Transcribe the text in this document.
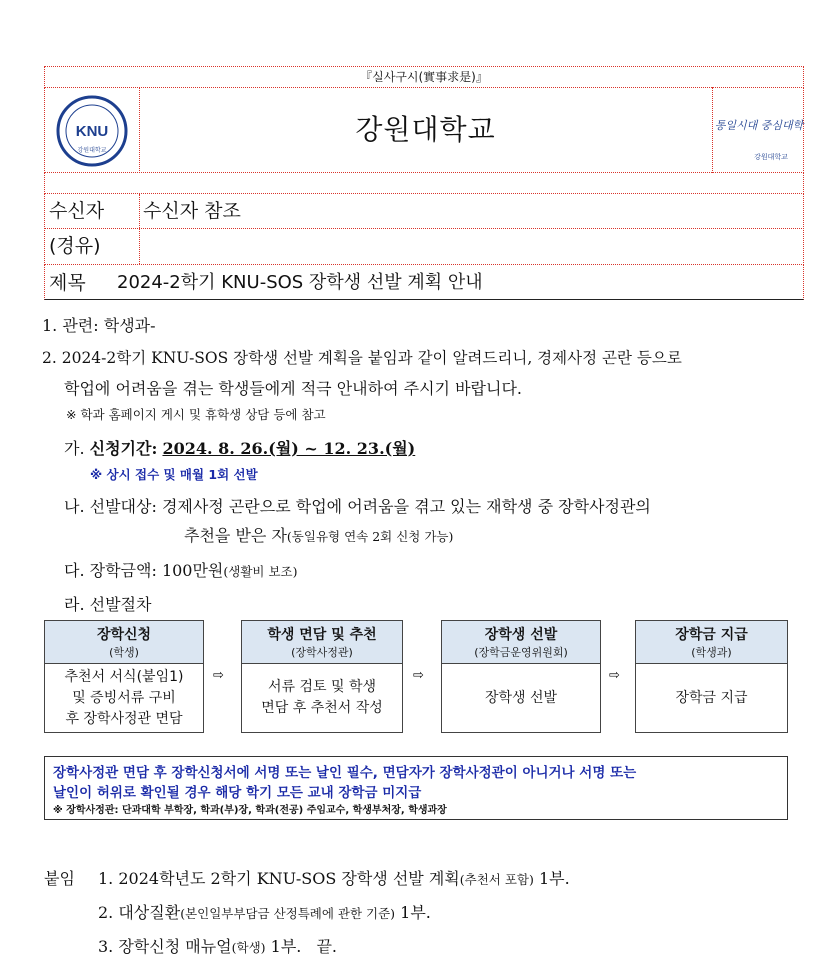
『실사구시(實事求是)』
KNU
강원대학교
강원대학교	통일시대 중심대학
강원대학교
수신자 수신자 참조
(경유)
제목 2024-2학기 KNU-SOS 장학생 선발 계획 안내
1. 관련: 학생과-
2. 2024-2학기 KNU-SOS 장학생 선발 계획을 붙임과 같이 알려드리니, 경제사정 곤란 등으로
학업에 어려움을 겪는 학생들에게 적극 안내하여 주시기 바랍니다.
※ 학과 홈페이지 게시 및 휴학생 상담 등에 참고
가. 신청기간: 2024. 8. 26.(월) ~ 12. 23.(월)
※ 상시 접수 및 매월 1회 선발
나. 선발대상: 경제사정 곤란으로 학업에 어려움을 겪고 있는 재학생 중 장학사정관의
추천을 받은 자(동일유형 연속 2회 신청 가능)
다. 장학금액: 100만원(생활비 보조)
라. 선발절차
장학신청
(학생)
추천서 서식(붙임1)
및 증빙서류 구비
후 장학사정관 면담
⇨
학생 면담 및 추천
(장학사정관)
서류 검토 및 학생
면담 후 추천서 작성
⇨
장학생 선발
(장학금운영위원회)
장학생 선발
⇨
장학금 지급
(학생과)
장학금 지급
장학사정관 면담 후 장학신청서에 서명 또는 날인 필수, 면담자가 장학사정관이 아니거나 서명 또는
날인이 허위로 확인될 경우 해당 학기 모든 교내 장학금 미지급
※ 장학사정관: 단과대학 부학장, 학과(부)장, 학과(전공) 주임교수, 학생부처장, 학생과장
붙임 1. 2024학년도 2학기 KNU-SOS 장학생 선발 계획(추천서 포함) 1부.
2. 대상질환(본인일부부담금 산정특례에 관한 기준) 1부.
3. 장학신청 매뉴얼(학생) 1부. 끝.
